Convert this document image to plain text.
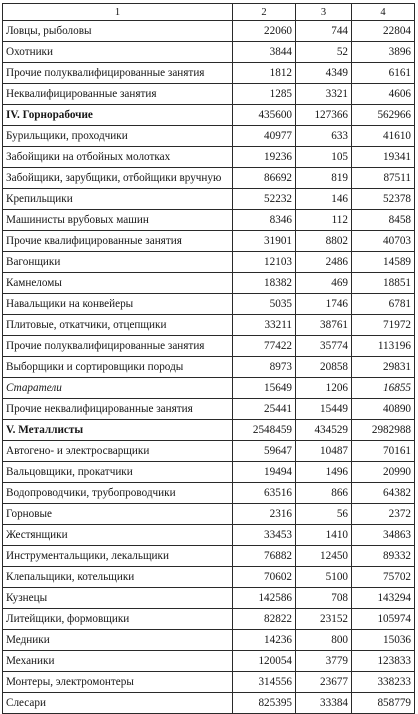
1	2	3	4
Ловцы, рыболовы	22060	744	22804
Охотники	3844	52	3896
Прочие полуквалифицированные занятия	1812	4349	6161
Неквалифицированные занятия	1285	3321	4606
IV. Горнорабочие	435600	127366	562966
Бурильщики, проходчики	40977	633	41610
Забойщики на отбойных молотках	19236	105	19341
Забойщики, зарубщики, отбойщики вручную	86692	819	87511
Крепильщики	52232	146	52378
Машинисты врубовых машин	8346	112	8458
Прочие квалифицированные занятия	31901	8802	40703
Вагонщики	12103	2486	14589
Камнеломы	18382	469	18851
Навальщики на конвейеры	5035	1746	6781
Плитовые, откатчики, отцепщики	33211	38761	71972
Прочие полуквалифицированные занятия	77422	35774	113196
Выборщики и сортировщики породы	8973	20858	29831
Старатели	15649	1206	16855
Прочие неквалифицированные занятия	25441	15449	40890
V. Металлисты	2548459	434529	2982988
Автогено- и электросварщики	59647	10487	70161
Вальцовщики, прокатчики	19494	1496	20990
Водопроводчики, трубопроводчики	63516	866	64382
Горновые	2316	56	2372
Жестянщики	33453	1410	34863
Инструментальщики, лекальщики	76882	12450	89332
Клепальщики, котельщики	70602	5100	75702
Кузнецы	142586	708	143294
Литейщики, формовщики	82822	23152	105974
Медники	14236	800	15036
Механики	120054	3779	123833
Монтеры, электромонтеры	314556	23677	338233
Слесари	825395	33384	858779
